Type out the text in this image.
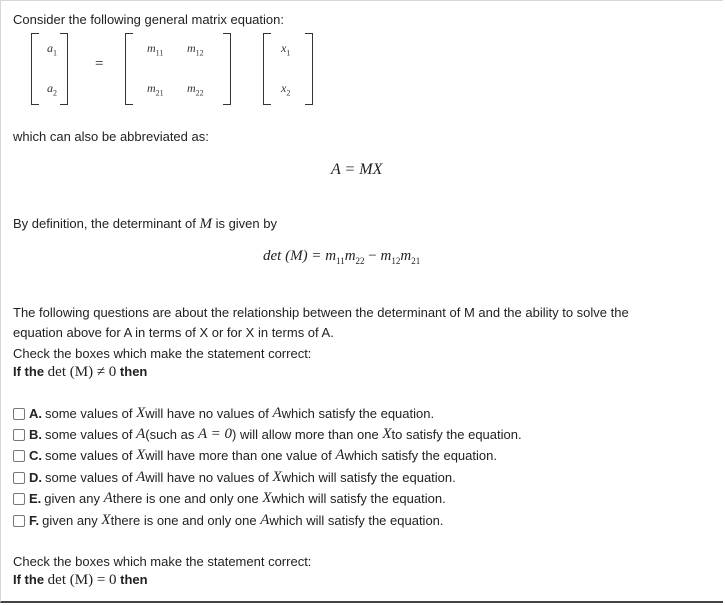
Consider the following general matrix equation:
$a_1$
$a_2$
=
$m_{11}$ $m_{12}$
$m_{21}$ $m_{22}$
$x_1$
$x_2$
which can also be abbreviated as:
A = MX
By definition, the determinant of M is given by
$\det (M) = m_{11}m_{22} - m_{12}m_{21}$
The following questions are about the relationship between the determinant of M and the ability to solve the
equation above for A in terms of X or for X in terms of A.
Check the boxes which make the statement correct:
If the det (M) ≠ 0 then
A. some values of
X will have no values of
A which satisfy the equation.
B. some values of
A (such as
A = 0 ) will allow more than one
X to satisfy the equation.
C. some values of
X will have more than one value of
A which satisfy the equation.
D. some values of
A will have no values of
X which will satisfy the equation.
E. given any
A there is one and only one
X which will satisfy the equation.
F. given any
X there is one and only one
A which will satisfy the equation.
Check the boxes which make the statement correct:
If the det (M) = 0 then
